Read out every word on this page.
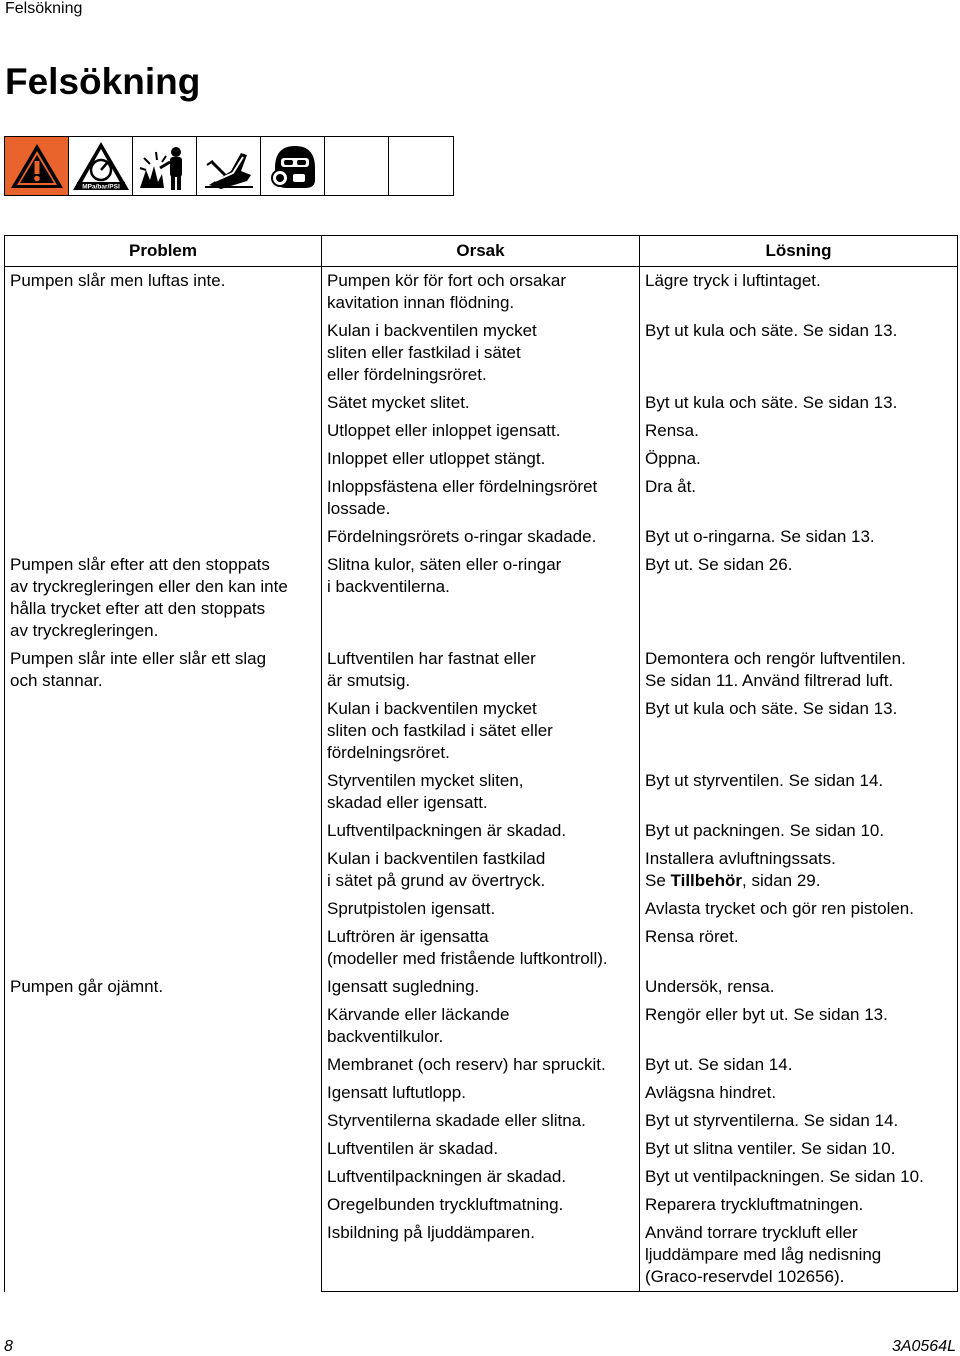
Felsökning
Felsökning
MPa/bar/PSI
Problem	Orsak	Lösning

Pumpen slår men luftas inte.	Pumpen kör för fort och orsakar
kavitation innan flödning.	Lägre tryck i luftintaget.

	Kulan i backventilen mycket
sliten eller fastkilad i sätet
eller fördelningsröret.	Byt ut kula och säte. Se sidan 13.

	Sätet mycket slitet.	Byt ut kula och säte. Se sidan 13.

	Utloppet eller inloppet igensatt.	Rensa.

	Inloppet eller utloppet stängt.	Öppna.

	Inloppsfästena eller fördelningsröret
lossade.	Dra åt.

	Fördelningsrörets o-ringar skadade.	Byt ut o-ringarna. Se sidan 13.

Pumpen slår efter att den stoppats
av tryckregleringen eller den kan inte
hålla trycket efter att den stoppats
av tryckregleringen.	Slitna kulor, säten eller o-ringar
i backventilerna.	Byt ut. Se sidan 26.

Pumpen slår inte eller slår ett slag
och stannar.	Luftventilen har fastnat eller
är smutsig.	Demontera och rengör luftventilen.
Se sidan 11. Använd filtrerad luft.

	Kulan i backventilen mycket
sliten och fastkilad i sätet eller
fördelningsröret.	Byt ut kula och säte. Se sidan 13.

	Styrventilen mycket sliten,
skadad eller igensatt.	Byt ut styrventilen. Se sidan 14.

	Luftventilpackningen är skadad.	Byt ut packningen. Se sidan 10.

	Kulan i backventilen fastkilad
i sätet på grund av övertryck.	Installera avluftningssats.
Se Tillbehör, sidan 29.

	Sprutpistolen igensatt.	Avlasta trycket och gör ren pistolen.

	Luftrören är igensatta
(modeller med fristående luftkontroll).	Rensa röret.

Pumpen går ojämnt.	Igensatt sugledning.	Undersök, rensa.

	Kärvande eller läckande
backventilkulor.	Rengör eller byt ut. Se sidan 13.

	Membranet (och reserv) har spruckit.	Byt ut. Se sidan 14.

	Igensatt luftutlopp.	Avlägsna hindret.

	Styrventilerna skadade eller slitna.	Byt ut styrventilerna. Se sidan 14.

	Luftventilen är skadad.	Byt ut slitna ventiler. Se sidan 10.

	Luftventilpackningen är skadad.	Byt ut ventilpackningen. Se sidan 10.

	Oregelbunden tryckluftmatning.	Reparera tryckluftmatningen.

	Isbildning på ljuddämparen.	Använd torrare tryckluft eller
ljuddämpare med låg nedisning
(Graco-reservdel 102656).
8	3A0564L
